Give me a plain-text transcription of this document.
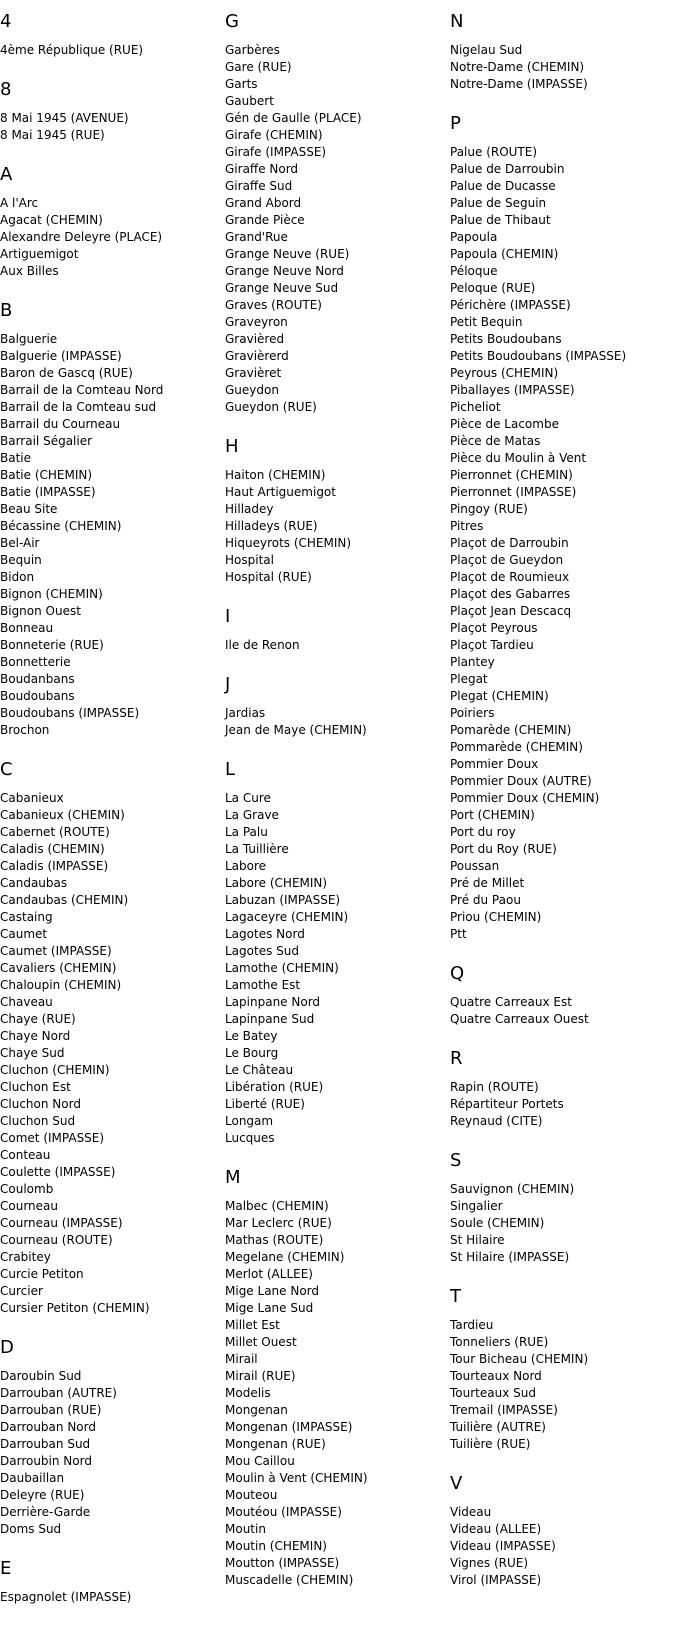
4
4ème République (RUE)
8
8 Mai 1945 (AVENUE)
8 Mai 1945 (RUE)
A
A l'Arc
Agacat (CHEMIN)
Alexandre Deleyre (PLACE)
Artiguemigot
Aux Billes
B
Balguerie
Balguerie (IMPASSE)
Baron de Gascq (RUE)
Barrail de la Comteau Nord
Barrail de la Comteau sud
Barrail du Courneau
Barrail Ségalier
Batie
Batie (CHEMIN)
Batie (IMPASSE)
Beau Site
Bécassine (CHEMIN)
Bel-Air
Bequin
Bidon
Bignon (CHEMIN)
Bignon Ouest
Bonneau
Bonneterie (RUE)
Bonnetterie
Boudanbans
Boudoubans
Boudoubans (IMPASSE)
Brochon
C
Cabanieux
Cabanieux (CHEMIN)
Cabernet (ROUTE)
Caladis (CHEMIN)
Caladis (IMPASSE)
Candaubas
Candaubas (CHEMIN)
Castaing
Caumet
Caumet (IMPASSE)
Cavaliers (CHEMIN)
Chaloupin (CHEMIN)
Chaveau
Chaye (RUE)
Chaye Nord
Chaye Sud
Cluchon (CHEMIN)
Cluchon Est
Cluchon Nord
Cluchon Sud
Comet (IMPASSE)
Conteau
Coulette (IMPASSE)
Coulomb
Courneau
Courneau (IMPASSE)
Courneau (ROUTE)
Crabitey
Curcie Petiton
Curcier
Cursier Petiton (CHEMIN)
D
Daroubin Sud
Darrouban (AUTRE)
Darrouban (RUE)
Darrouban Nord
Darrouban Sud
Darroubin Nord
Daubaillan
Deleyre (RUE)
Derrière-Garde
Doms Sud
E
Espagnolet (IMPASSE)
G
Garbères
Gare (RUE)
Garts
Gaubert
Gén de Gaulle (PLACE)
Girafe (CHEMIN)
Girafe (IMPASSE)
Giraffe Nord
Giraffe Sud
Grand Abord
Grande Pièce
Grand'Rue
Grange Neuve (RUE)
Grange Neuve Nord
Grange Neuve Sud
Graves (ROUTE)
Graveyron
Gravièred
Gravièrerd
Gravièret
Gueydon
Gueydon (RUE)
H
Haiton (CHEMIN)
Haut Artiguemigot
Hilladey
Hilladeys (RUE)
Hiqueyrots (CHEMIN)
Hospital
Hospital (RUE)
I
Ile de Renon
J
Jardias
Jean de Maye (CHEMIN)
L
La Cure
La Grave
La Palu
La Tuillière
Labore
Labore (CHEMIN)
Labuzan (IMPASSE)
Lagaceyre (CHEMIN)
Lagotes Nord
Lagotes Sud
Lamothe (CHEMIN)
Lamothe Est
Lapinpane Nord
Lapinpane Sud
Le Batey
Le Bourg
Le Château
Libération (RUE)
Liberté (RUE)
Longam
Lucques
M
Malbec (CHEMIN)
Mar Leclerc (RUE)
Mathas (ROUTE)
Megelane (CHEMIN)
Merlot (ALLEE)
Mige Lane Nord
Mige Lane Sud
Millet Est
Millet Ouest
Mirail
Mirail (RUE)
Modelis
Mongenan
Mongenan (IMPASSE)
Mongenan (RUE)
Mou Caillou
Moulin à Vent (CHEMIN)
Mouteou
Moutéou (IMPASSE)
Moutin
Moutin (CHEMIN)
Moutton (IMPASSE)
Muscadelle (CHEMIN)
N
Nigelau Sud
Notre-Dame (CHEMIN)
Notre-Dame (IMPASSE)
P
Palue (ROUTE)
Palue de Darroubin
Palue de Ducasse
Palue de Seguin
Palue de Thibaut
Papoula
Papoula (CHEMIN)
Péloque
Peloque (RUE)
Périchère (IMPASSE)
Petit Bequin
Petits Boudoubans
Petits Boudoubans (IMPASSE)
Peyrous (CHEMIN)
Piballayes (IMPASSE)
Picheliot
Pièce de Lacombe
Pièce de Matas
Pièce du Moulin à Vent
Pierronnet (CHEMIN)
Pierronnet (IMPASSE)
Pingoy (RUE)
Pitres
Plaçot de Darroubin
Plaçot de Gueydon
Plaçot de Roumieux
Plaçot des Gabarres
Plaçot Jean Descacq
Plaçot Peyrous
Plaçot Tardieu
Plantey
Plegat
Plegat (CHEMIN)
Poiriers
Pomarède (CHEMIN)
Pommarède (CHEMIN)
Pommier Doux
Pommier Doux (AUTRE)
Pommier Doux (CHEMIN)
Port (CHEMIN)
Port du roy
Port du Roy (RUE)
Poussan
Pré de Millet
Pré du Paou
Priou (CHEMIN)
Ptt
Q
Quatre Carreaux Est
Quatre Carreaux Ouest
R
Rapin (ROUTE)
Répartiteur Portets
Reynaud (CITE)
S
Sauvignon (CHEMIN)
Singalier
Soule (CHEMIN)
St Hilaire
St Hilaire (IMPASSE)
T
Tardieu
Tonneliers (RUE)
Tour Bicheau (CHEMIN)
Tourteaux Nord
Tourteaux Sud
Tremail (IMPASSE)
Tuilière (AUTRE)
Tuilière (RUE)
V
Videau
Videau (ALLEE)
Videau (IMPASSE)
Vignes (RUE)
Virol (IMPASSE)
